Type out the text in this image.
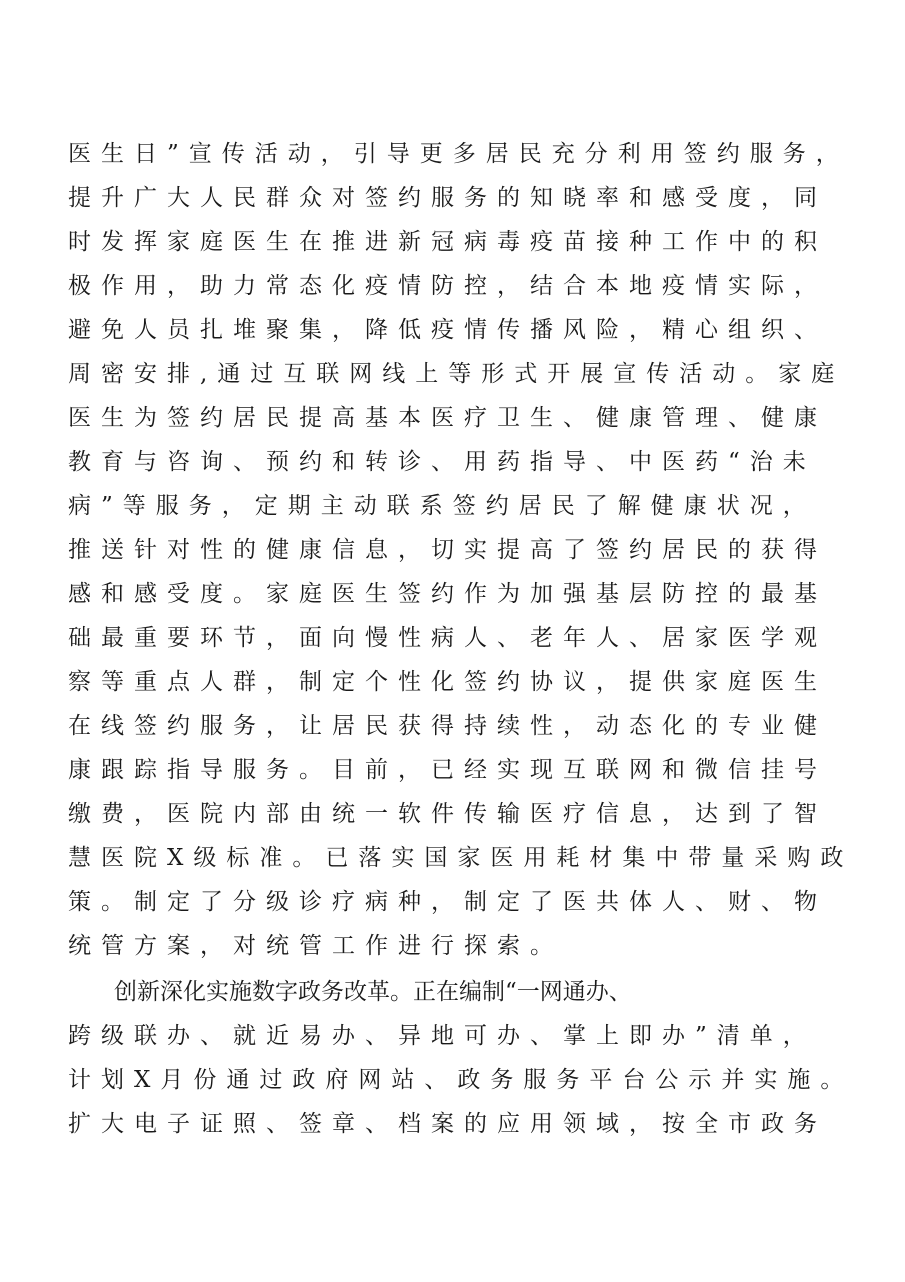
医生日”宣传活动，引导更多居民充分利用签约服务，
提升广大人民群众对签约服务的知晓率和感受度，同
时发挥家庭医生在推进新冠病毒疫苗接种工作中的积
极作用，助力常态化疫情防控，结合本地疫情实际，
避免人员扎堆聚集，降低疫情传播风险，精心组织、
周密安排,通过互联网线上等形式开展宣传活动。家庭
医生为签约居民提高基本医疗卫生、健康管理、健康
教育与咨询、预约和转诊、用药指导、中医药“治未
病”等服务，定期主动联系签约居民了解健康状况，
推送针对性的健康信息，切实提高了签约居民的获得
感和感受度。家庭医生签约作为加强基层防控的最基
础最重要环节，面向慢性病人、老年人、居家医学观
察等重点人群，制定个性化签约协议，提供家庭医生
在线签约服务，让居民获得持续性，动态化的专业健
康跟踪指导服务。目前，已经实现互联网和微信挂号
缴费，医院内部由统一软件传输医疗信息，达到了智
慧医院X级标准。已落实国家医用耗材集中带量采购政
策。制定了分级诊疗病种，制定了医共体人、财、物
统管方案，对统管工作进行探索。
创新深化实施数字政务改革。正在编制“一网通办、
跨级联办、就近易办、异地可办、掌上即办”清单，
计划X月份通过政府网站、政务服务平台公示并实施。
扩大电子证照、签章、档案的应用领域，按全市政务
